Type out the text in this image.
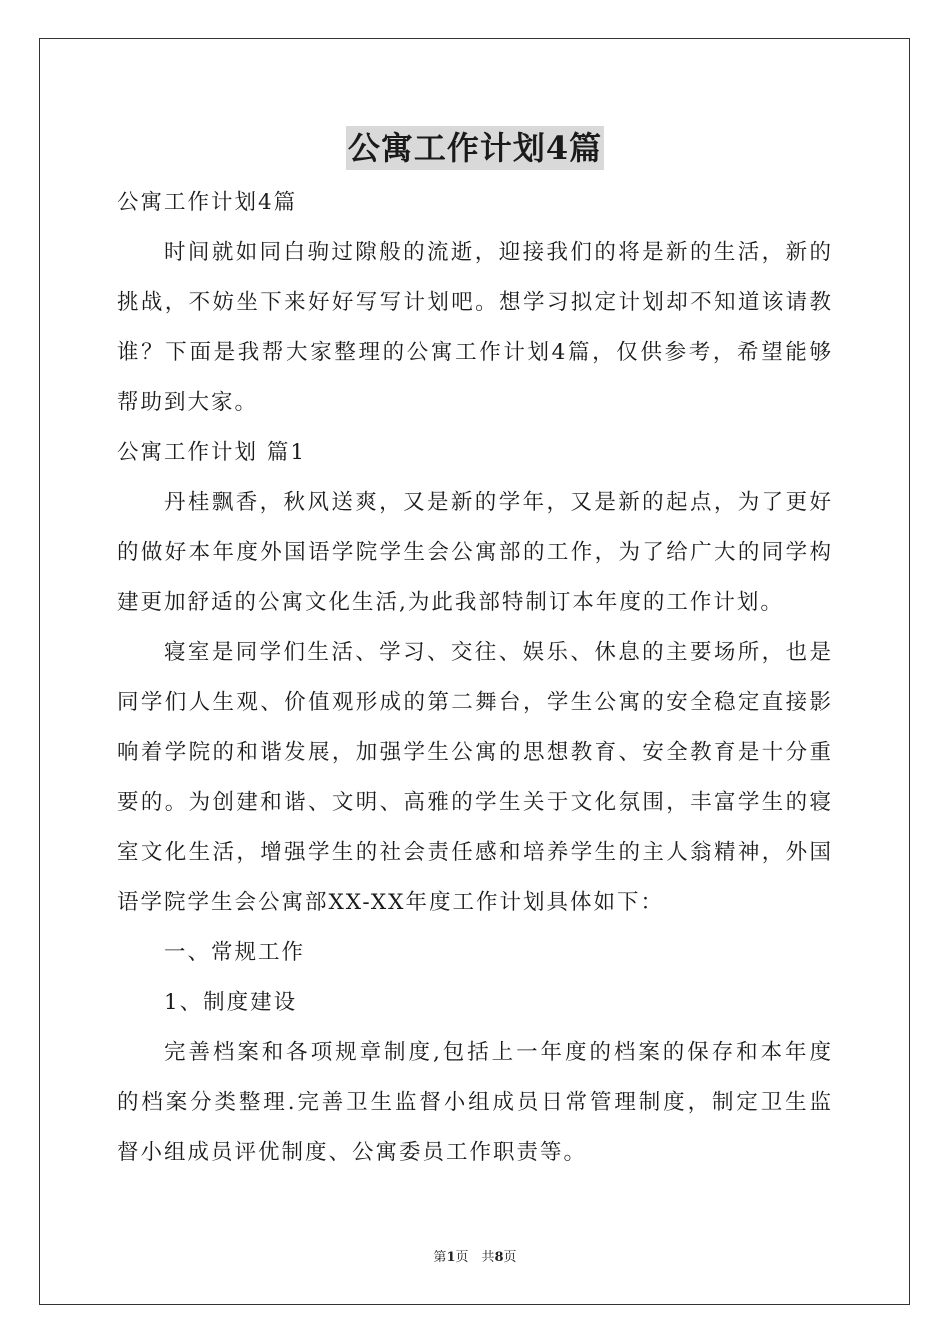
公寓工作计划4篇
公寓工作计划4篇
时间就如同白驹过隙般的流逝，迎接我们的将是新的生活，新的
挑战，不妨坐下来好好写写计划吧。想学习拟定计划却不知道该请教
谁？下面是我帮大家整理的公寓工作计划4篇，仅供参考，希望能够
帮助到大家。
公寓工作计划 篇1
丹桂飘香，秋风送爽，又是新的学年，又是新的起点，为了更好
的做好本年度外国语学院学生会公寓部的工作，为了给广大的同学构
建更加舒适的公寓文化生活,为此我部特制订本年度的工作计划。
寝室是同学们生活、学习、交往、娱乐、休息的主要场所，也是
同学们人生观、价值观形成的第二舞台，学生公寓的安全稳定直接影
响着学院的和谐发展，加强学生公寓的思想教育、安全教育是十分重
要的。为创建和谐、文明、高雅的学生关于文化氛围，丰富学生的寝
室文化生活，增强学生的社会责任感和培养学生的主人翁精神，外国
语学院学生会公寓部XX-XX年度工作计划具体如下：
一、常规工作
1、制度建设
完善档案和各项规章制度,包括上一年度的档案的保存和本年度
的档案分类整理.完善卫生监督小组成员日常管理制度，制定卫生监
督小组成员评优制度、公寓委员工作职责等。
第1页　共8页
